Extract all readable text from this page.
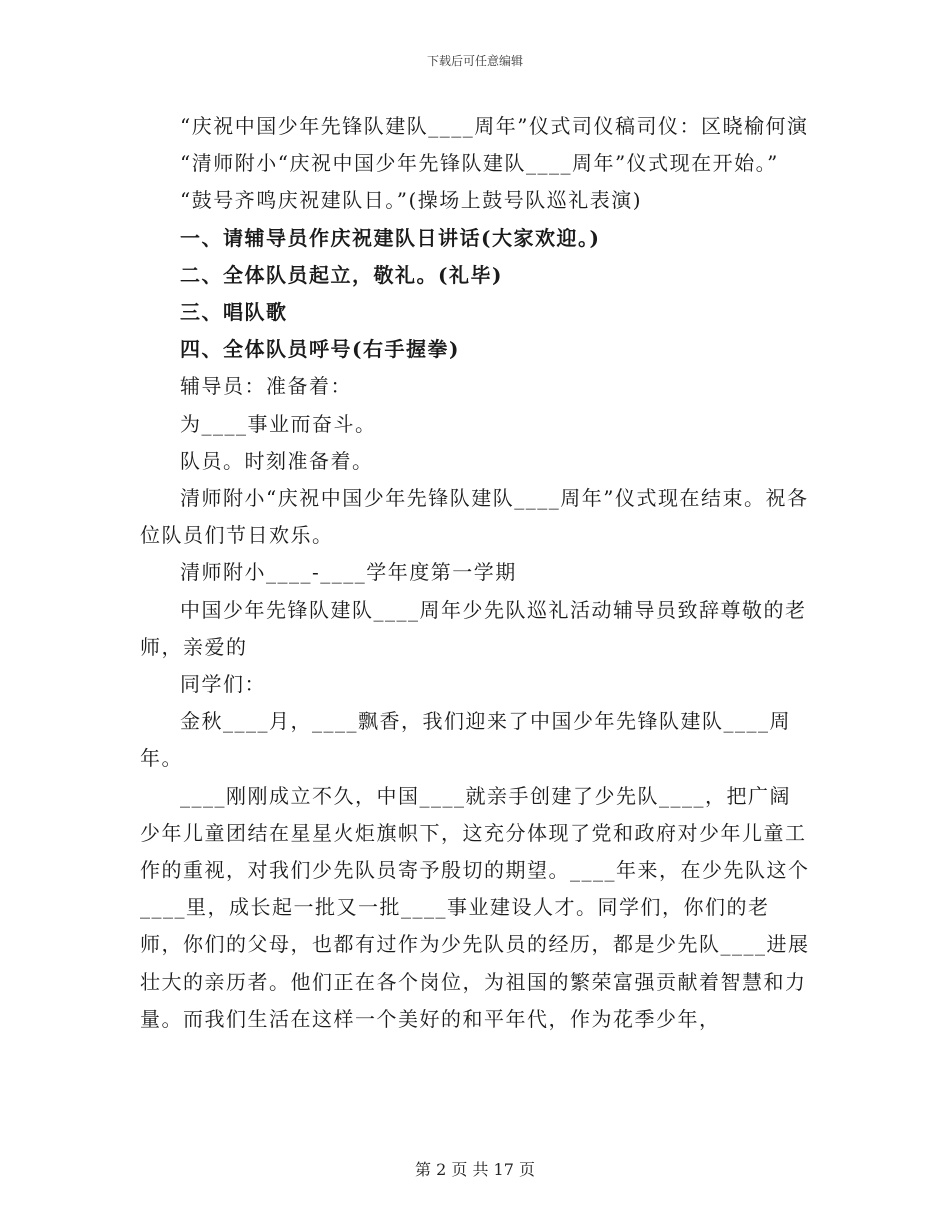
下载后可任意编辑

“庆祝中国少年先锋队建队____周年”仪式司仪稿司仪：区晓榆何演

“清师附小“庆祝中国少年先锋队建队____周年”仪式现在开始。”

“鼓号齐鸣庆祝建队日。”(操场上鼓号队巡礼表演)

一、请辅导员作庆祝建队日讲话(大家欢迎。)

二、全体队员起立，敬礼。(礼毕)

三、唱队歌

四、全体队员呼号(右手握拳)

辅导员：准备着：

为____事业而奋斗。

队员。时刻准备着。

清师附小“庆祝中国少年先锋队建队____周年”仪式现在结束。祝各位队员们节日欢乐。

清师附小____-____学年度第一学期

中国少年先锋队建队____周年少先队巡礼活动辅导员致辞尊敬的老师，亲爱的

同学们：

金秋____月，____飘香，我们迎来了中国少年先锋队建队____周年。

____刚刚成立不久，中国____就亲手创建了少先队____，把广阔少年儿童团结在星星火炬旗帜下，这充分体现了党和政府对少年儿童工作的重视，对我们少先队员寄予殷切的期望。____年来，在少先队这个____里，成长起一批又一批____事业建设人才。同学们，你们的老师，你们的父母，也都有过作为少先队员的经历，都是少先队____进展壮大的亲历者。他们正在各个岗位，为祖国的繁荣富强贡献着智慧和力量。而我们生活在这样一个美好的和平年代，作为花季少年，

第 2 页 共 17 页
